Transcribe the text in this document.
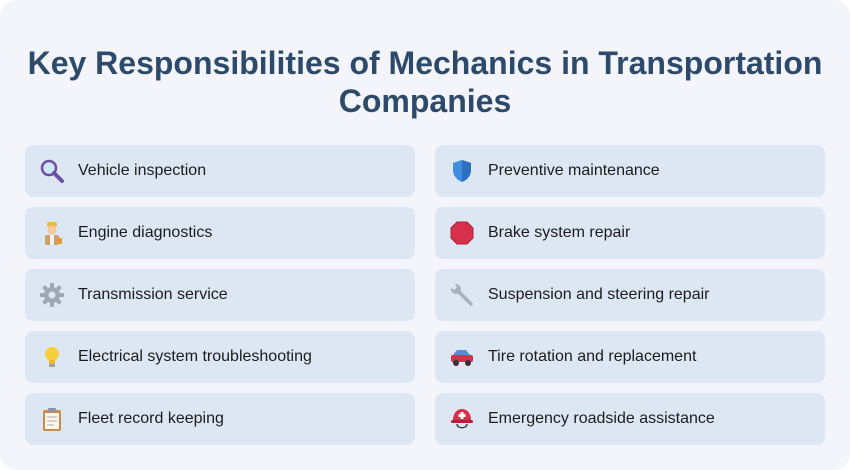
Key Responsibilities of Mechanics in Transportation Companies
Vehicle inspection	Preventive maintenance
Engine diagnostics	Brake system repair
Transmission service	Suspension and steering repair
Electrical system troubleshooting	Tire rotation and replacement
Fleet record keeping	Emergency roadside assistance
